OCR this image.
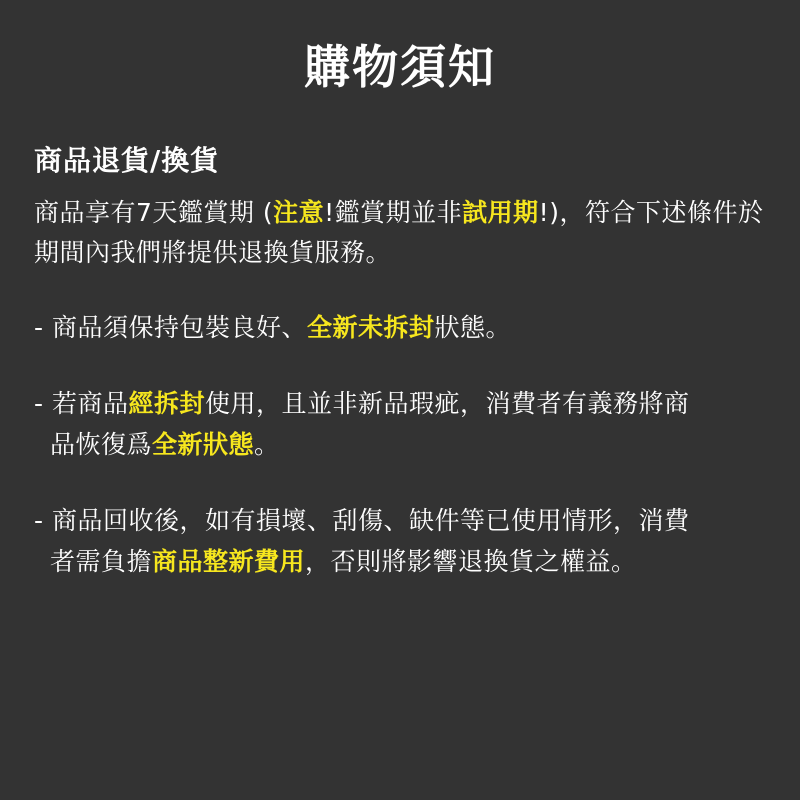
購物須知
商品退貨/換貨

商品享有7天鑑賞期 (注意!鑑賞期並非試用期!)，符合下述條件於期間內我們將提供退換貨服務。

- 商品須保持包裝良好、全新未拆封狀態。

- 若商品經拆封使用，且並非新品瑕疵，消費者有義務將商
品恢復爲全新狀態。

- 商品回收後，如有損壞、刮傷、缺件等已使用情形，消費
者需負擔商品整新費用，否則將影響退換貨之權益。
